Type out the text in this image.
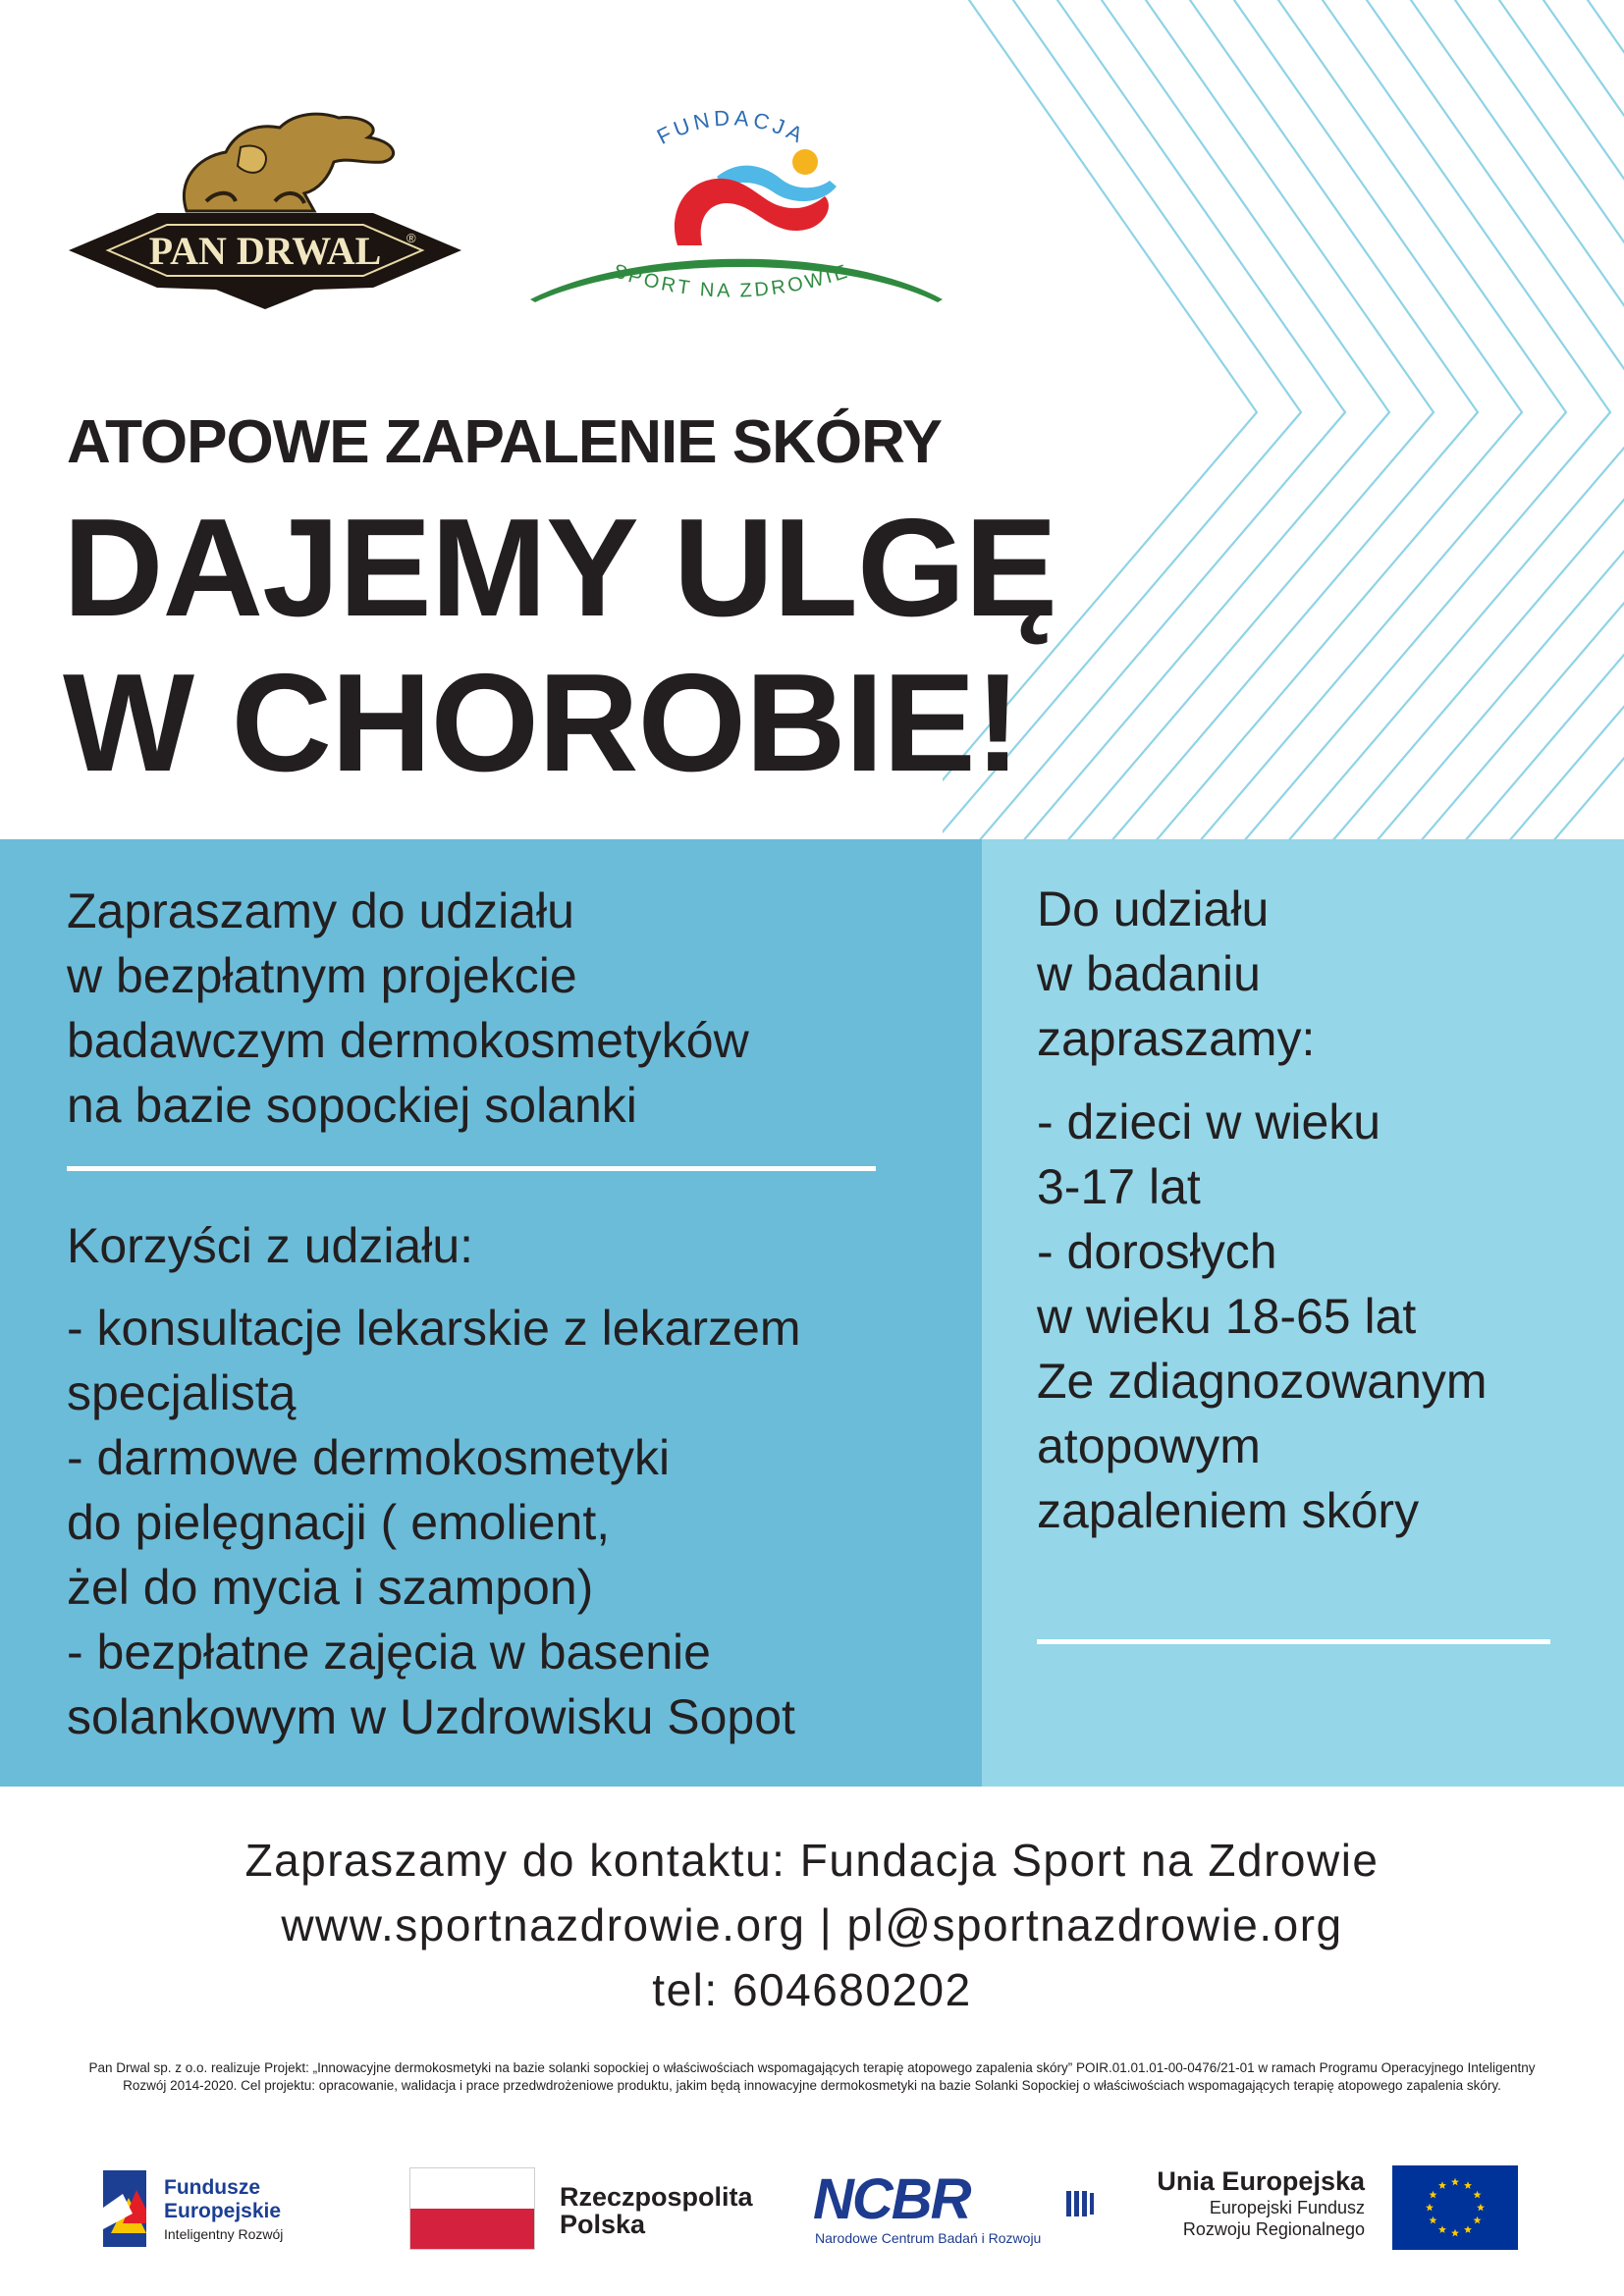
PAN DRWAL ®
FUNDACJA
SPORT NA ZDROWIE
ATOPOWE ZAPALENIE SKÓRY
DAJEMY ULGĘ
W CHOROBIE!
Zapraszamy do udziału
w bezpłatnym projekcie
badawczym dermokosmetyków
na bazie sopockiej solanki
Korzyści z udziału:
- konsultacje lekarskie z lekarzem
specjalistą
- darmowe dermokosmetyki
do pielęgnacji ( emolient,
żel do mycia i szampon)
- bezpłatne zajęcia w basenie
solankowym w Uzdrowisku Sopot
Do udziału
w badaniu
zapraszamy:
- dzieci w wieku
3-17 lat
- dorosłych
w wieku 18-65 lat
Ze zdiagnozowanym
atopowym
zapaleniem skóry
Zapraszamy do kontaktu: Fundacja Sport na Zdrowie
www.sportnazdrowie.org | pl@sportnazdrowie.org
tel: 604680202
Pan Drwal sp. z o.o. realizuje Projekt: „Innowacyjne dermokosmetyki na bazie solanki sopockiej o właściwościach wspomagających terapię atopowego zapalenia skóry” POIR.01.01.01-00-0476/21-01 w ramach Programu Operacyjnego Inteligentny Rozwój 2014-2020. Cel projektu: opracowanie, walidacja i prace przedwdrożeniowe produktu, jakim będą innowacyjne dermokosmetyki na bazie Solanki Sopockiej o właściwościach wspomagających terapię atopowego zapalenia skóry.
Fundusze
Europejskie
Inteligentny Rozwój
Rzeczpospolita
Polska	NCBR
Narodowe Centrum Badań i Rozwoju
Unia Europejska
Europejski Fundusz
Rozwoju Regionalnego
